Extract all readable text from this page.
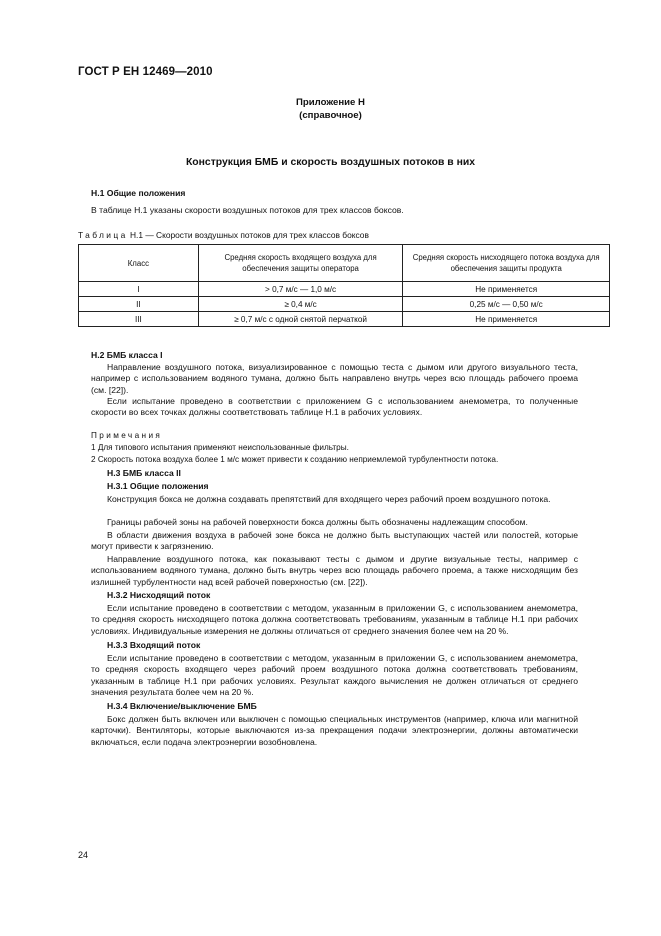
ГОСТ Р ЕН 12469—2010
Приложение Н
(справочное)
Конструкция БМБ и скорость воздушных потоков в них
Н.1 Общие положения
В таблице Н.1 указаны скорости воздушных потоков для трех классов боксов.
Таблица Н.1 — Скорости воздушных потоков для трех классов боксов
Класс	Средняя скорость входящего воздуха для обеспечения защиты оператора	Средняя скорость нисходящего потока воздуха для обеспечения защиты продукта
I	> 0,7 м/с — 1,0 м/с	Не применяется
II	≥ 0,4 м/с	0,25 м/с — 0,50 м/с
III	≥ 0,7 м/с с одной снятой перчаткой	Не применяется
Н.2 БМБ класса I
Направление воздушного потока, визуализированное с помощью теста с дымом или другого визуального теста, например с использованием водяного тумана, должно быть направлено внутрь через всю площадь рабочего проема (см. [22]).
Если испытание проведено в соответствии с приложением G с использованием анемометра, то полученные скорости во всех точках должны соответствовать таблице Н.1 в рабочих условиях.
Примечания
1 Для типового испытания применяют неиспользованные фильтры.
2 Скорость потока воздуха более 1 м/с может привести к созданию неприемлемой турбулентности потока.
Н.3 БМБ класса II
Н.3.1 Общие положения
Конструкция бокса не должна создавать препятствий для входящего через рабочий проем воздушного потока.
Границы рабочей зоны на рабочей поверхности бокса должны быть обозначены надлежащим способом.
В области движения воздуха в рабочей зоне бокса не должно быть выступающих частей или полостей, которые могут привести к загрязнению.
Направление воздушного потока, как показывают тесты с дымом и другие визуальные тесты, например с использованием водяного тумана, должно быть внутрь через всю площадь рабочего проема, а также нисходящим без излишней турбулентности над всей рабочей поверхностью (см. [22]).
Н.3.2 Нисходящий поток
Если испытание проведено в соответствии с методом, указанным в приложении G, с использованием анемометра, то средняя скорость нисходящего потока должна соответствовать требованиям, указанным в таблице Н.1 при рабочих условиях. Индивидуальные измерения не должны отличаться от среднего значения более чем на 20 %.
Н.3.3 Входящий поток
Если испытание проведено в соответствии с методом, указанным в приложении G, с использованием анемометра, то средняя скорость входящего через рабочий проем воздушного потока должна соответствовать требованиям, указанным в таблице Н.1 при рабочих условиях. Результат каждого вычисления не должен отличаться от среднего значения результата более чем на 20 %.
Н.3.4 Включение/выключение БМБ
Бокс должен быть включен или выключен с помощью специальных инструментов (например, ключа или магнитной карточки). Вентиляторы, которые выключаются из-за прекращения подачи электроэнергии, должны автоматически включаться, если подача электроэнергии возобновлена.
24
